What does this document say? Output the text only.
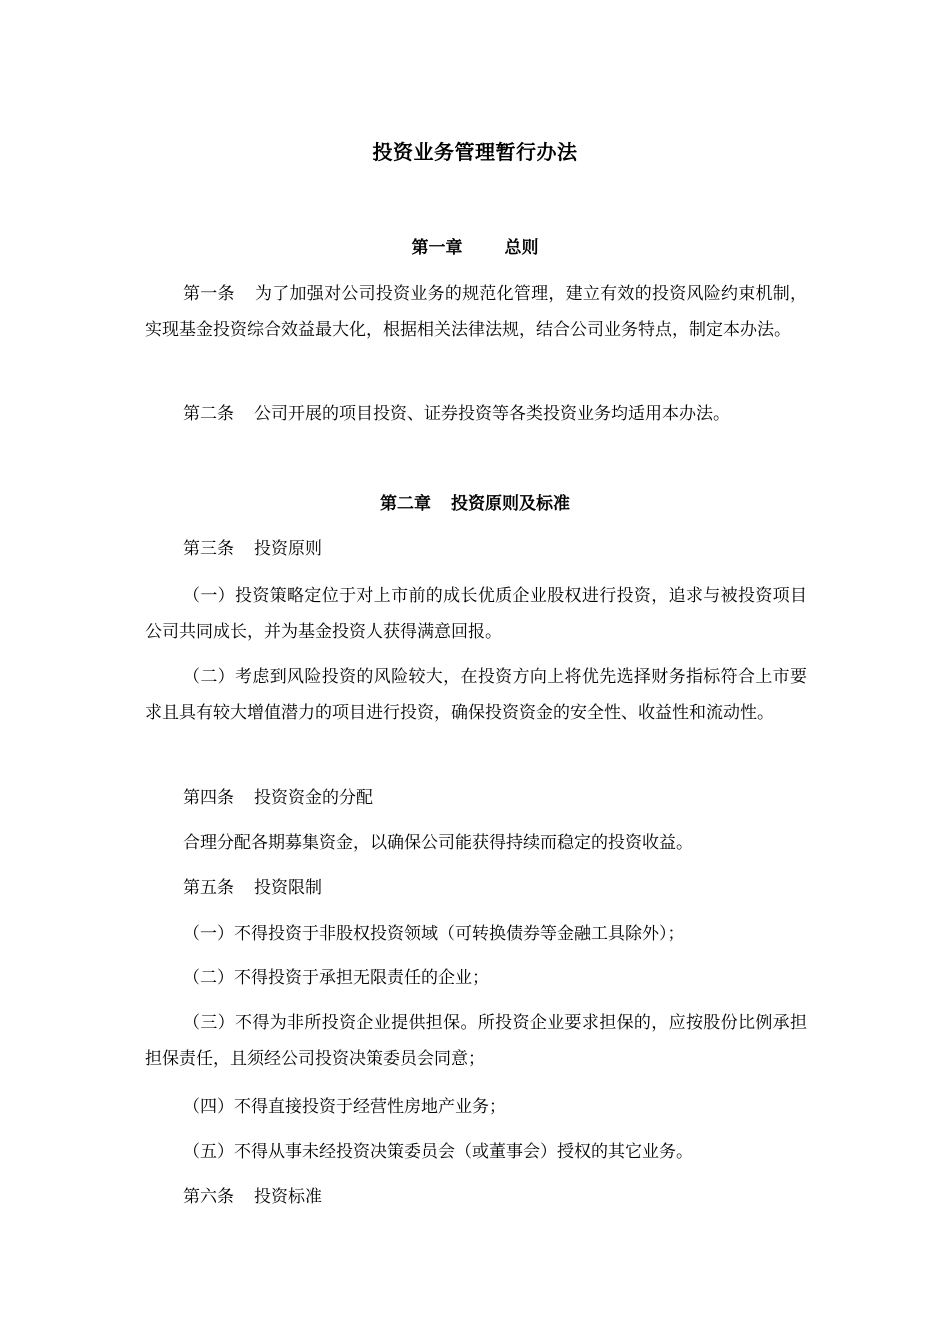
投资业务管理暂行办法
第一章 总则
第一条 为了加强对公司投资业务的规范化管理，建立有效的投资风险约束机制，实现基金投资综合效益最大化，根据相关法律法规，结合公司业务特点，制定本办法。
第二条 公司开展的项目投资、证券投资等各类投资业务均适用本办法。
第二章 投资原则及标准
第三条 投资原则
（一）投资策略定位于对上市前的成长优质企业股权进行投资，追求与被投资项目公司共同成长，并为基金投资人获得满意回报。
（二）考虑到风险投资的风险较大，在投资方向上将优先选择财务指标符合上市要求且具有较大增值潜力的项目进行投资，确保投资资金的安全性、收益性和流动性。
第四条 投资资金的分配
合理分配各期募集资金，以确保公司能获得持续而稳定的投资收益。
第五条 投资限制
（一）不得投资于非股权投资领域（可转换债券等金融工具除外）；
（二）不得投资于承担无限责任的企业；
（三）不得为非所投资企业提供担保。所投资企业要求担保的，应按股份比例承担担保责任，且须经公司投资决策委员会同意；
（四）不得直接投资于经营性房地产业务；
（五）不得从事未经投资决策委员会（或董事会）授权的其它业务。
第六条 投资标准
